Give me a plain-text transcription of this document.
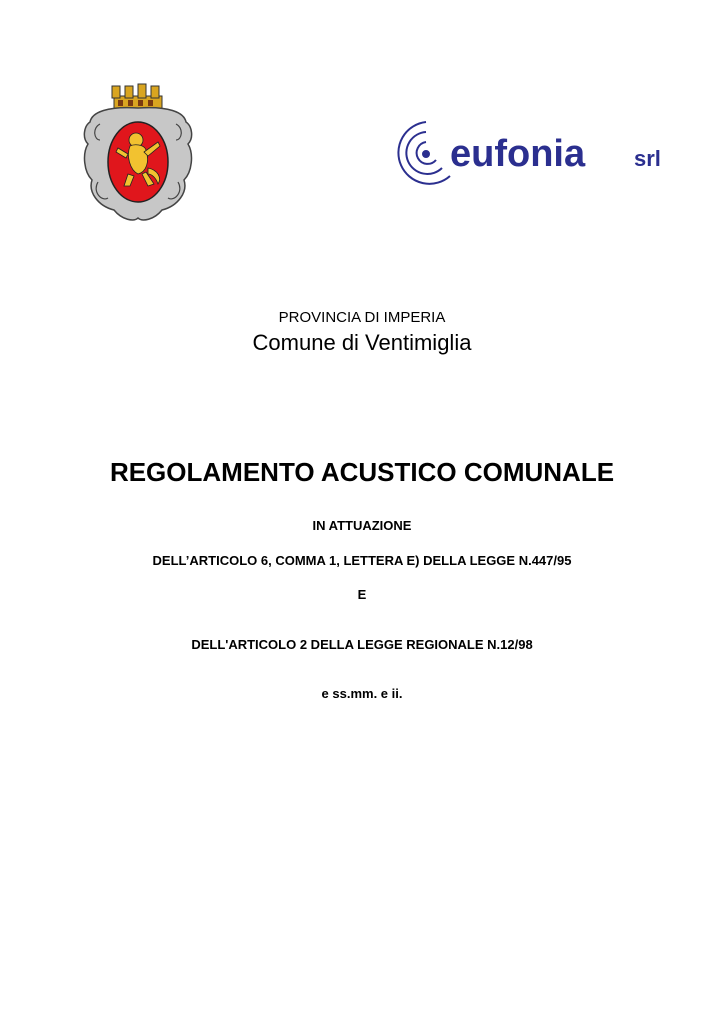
eufonia srl
PROVINCIA DI IMPERIA
Comune di Ventimiglia
REGOLAMENTO ACUSTICO COMUNALE
IN ATTUAZIONE
DELL’ARTICOLO 6, COMMA 1, LETTERA E) DELLA LEGGE N.447/95
E
DELL'ARTICOLO 2 DELLA LEGGE REGIONALE N.12/98
e ss.mm. e ii.
